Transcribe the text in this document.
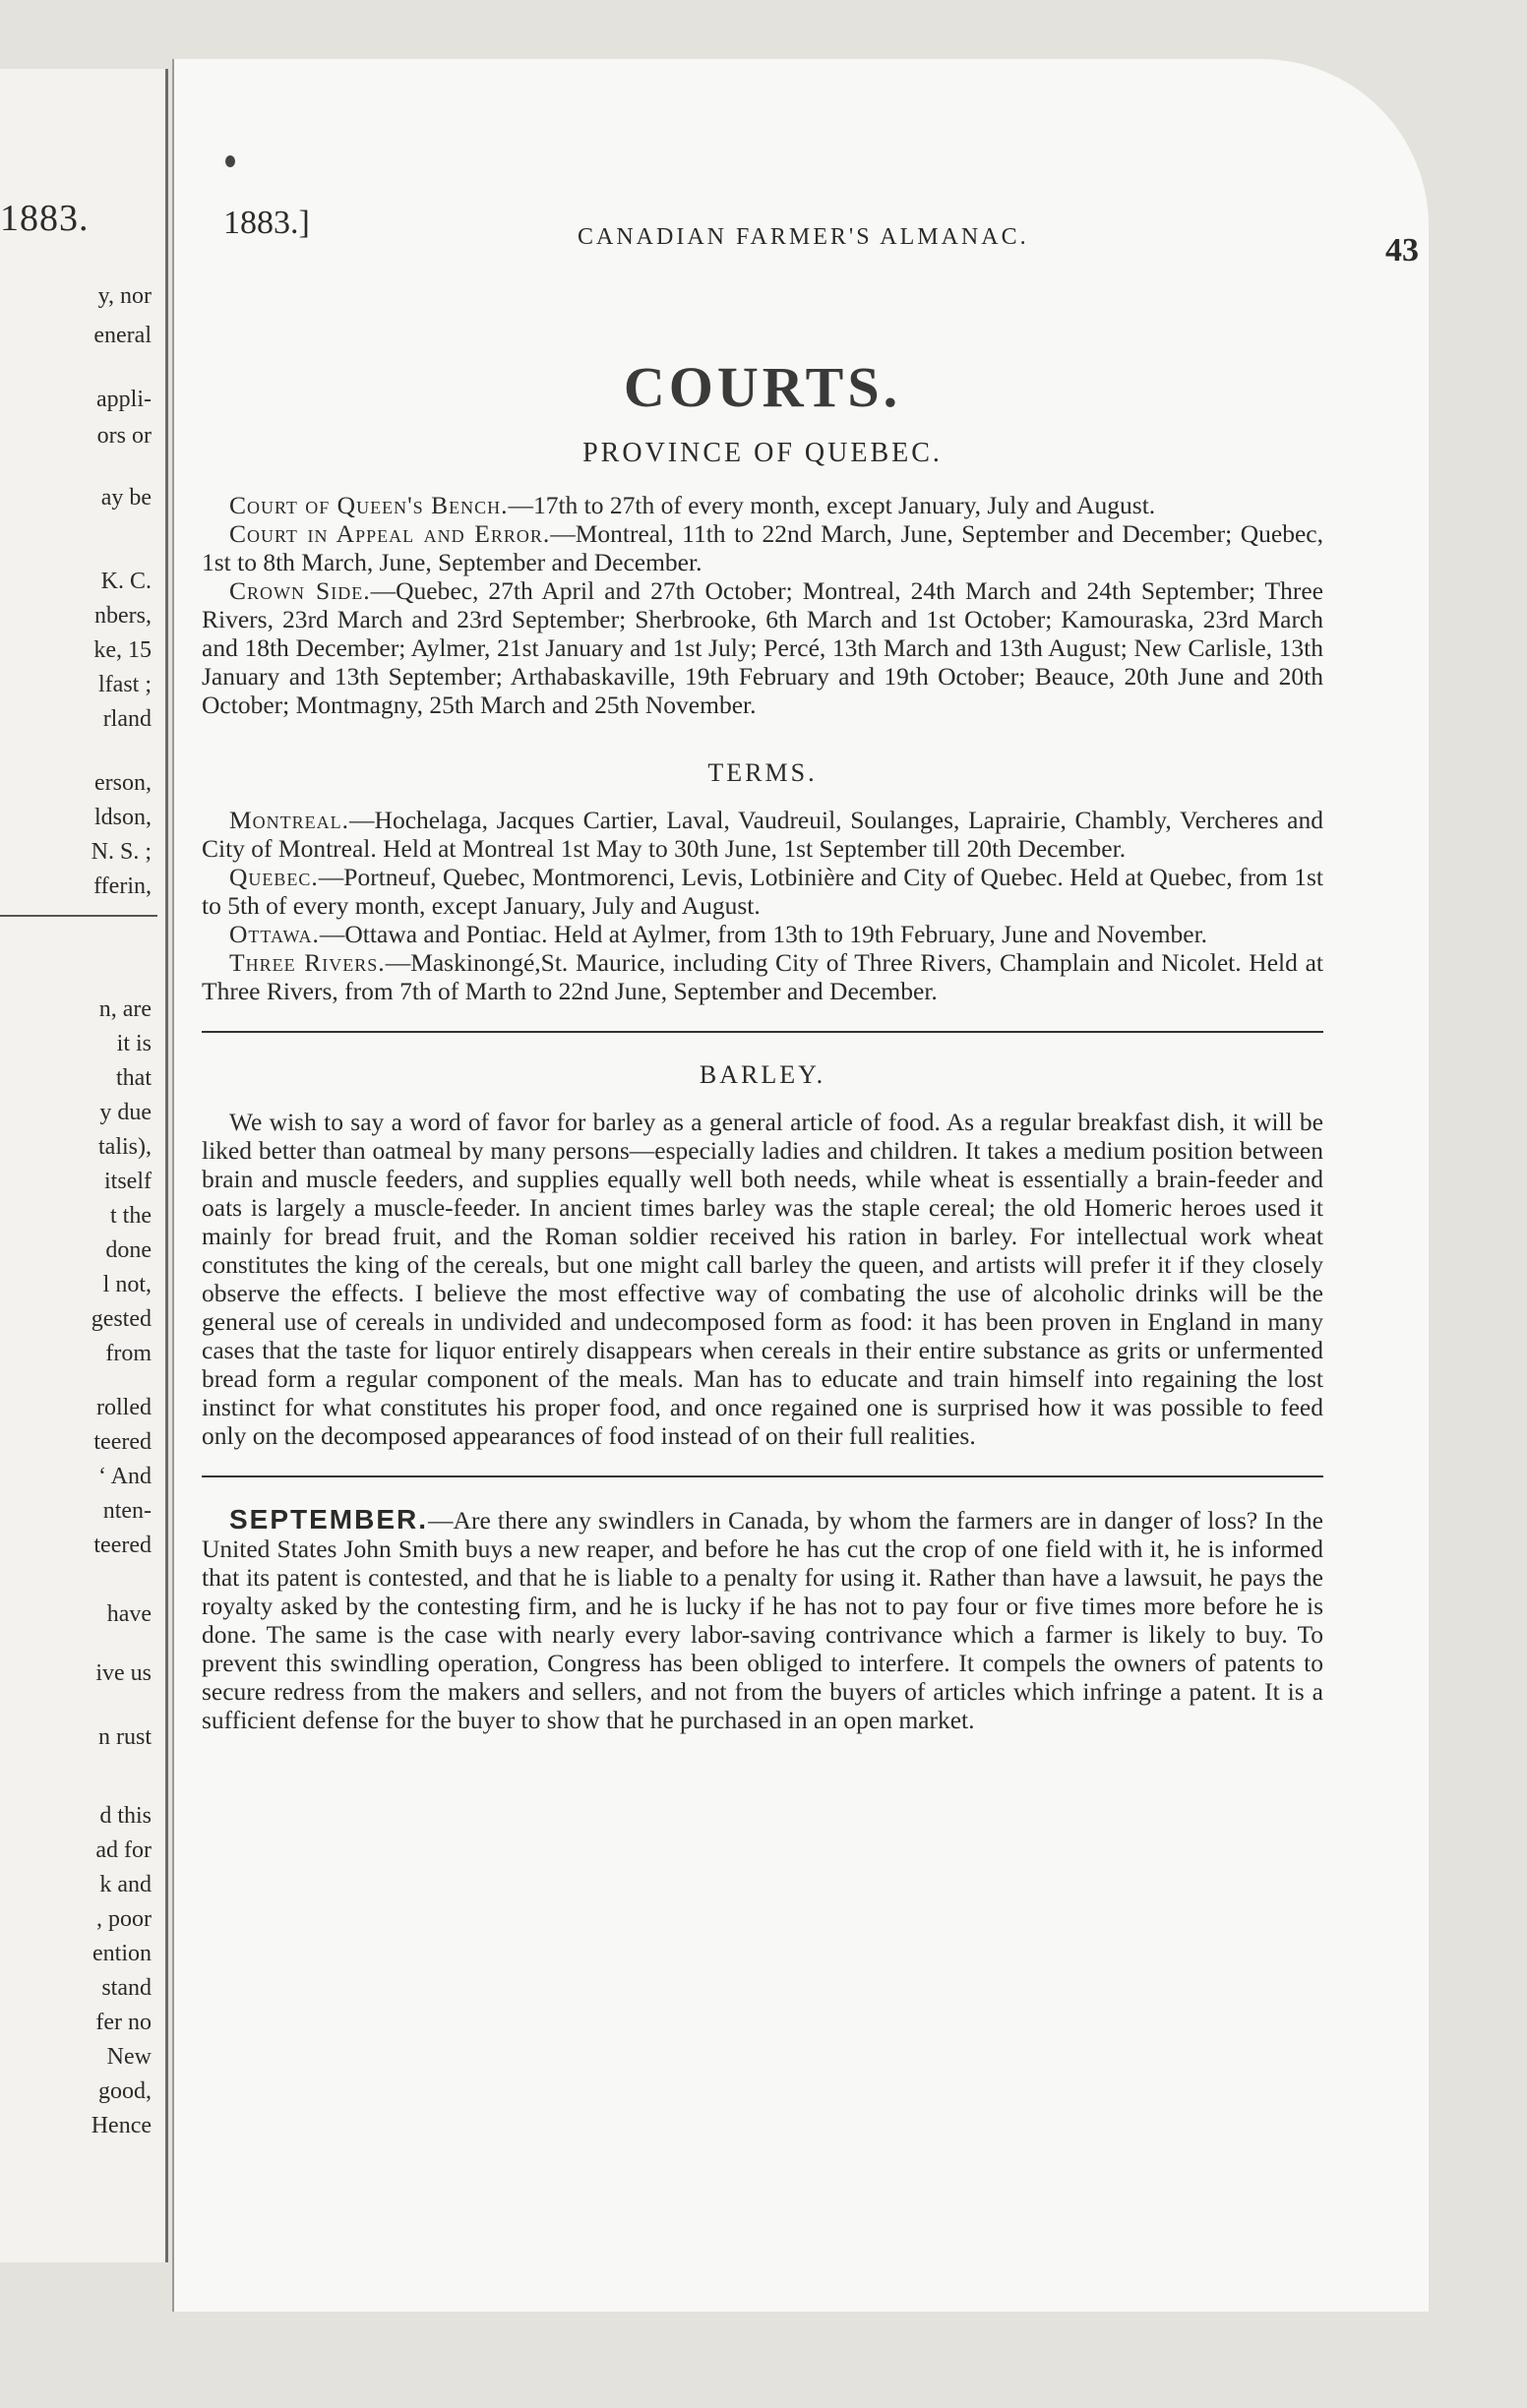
1883.
y, nor
eneral
appli-
ors or
ay be
K. C.
nbers,
ke, 15
lfast ;
rland
erson,
ldson,
N. S. ;
fferin,
n, are
it is
that
y due
talis),
itself
t the
done
l not,
gested
from
rolled
teered
‘ And
nten-
teered
have
ive us
n rust
d this
ad for
k and
, poor
ention
stand
fer no
New
good,
Hence
1883.]	CANADIAN FARMER'S ALMANAC.	43
COURTS.
PROVINCE OF QUEBEC.

Court of Queen's Bench.—17th to 27th of every month, except January, July and August.

Court in Appeal and Error.—Montreal, 11th to 22nd March, June, September and December; Quebec, 1st to 8th March, June, September and December.

Crown Side.—Quebec, 27th April and 27th October; Montreal, 24th March and 24th September; Three Rivers, 23rd March and 23rd September; Sherbrooke, 6th March and 1st October; Kamouraska, 23rd March and 18th December; Aylmer, 21st January and 1st July; Percé, 13th March and 13th August; New Carlisle, 13th January and 13th September; Arthabaskaville, 19th February and 19th October; Beauce, 20th June and 20th October; Montmagny, 25th March and 25th November.

TERMS.

Montreal.—Hochelaga, Jacques Cartier, Laval, Vaudreuil, Soulanges, Laprairie, Chambly, Vercheres and City of Montreal. Held at Montreal 1st May to 30th June, 1st September till 20th December.

Quebec.—Portneuf, Quebec, Montmorenci, Levis, Lotbinière and City of Quebec. Held at Quebec, from 1st to 5th of every month, except January, July and August.

Ottawa.—Ottawa and Pontiac. Held at Aylmer, from 13th to 19th February, June and November.

Three Rivers.—Maskinongé,St. Maurice, including City of Three Rivers, Champlain and Nicolet. Held at Three Rivers, from 7th of Marth to 22nd June, September and December.

BARLEY.

We wish to say a word of favor for barley as a general article of food. As a regular breakfast dish, it will be liked better than oatmeal by many persons—especially ladies and children. It takes a medium position between brain and muscle feeders, and supplies equally well both needs, while wheat is essentially a brain-feeder and oats is largely a muscle-feeder. In ancient times barley was the staple cereal; the old Homeric heroes used it mainly for bread fruit, and the Roman soldier received his ration in barley. For intellectual work wheat constitutes the king of the cereals, but one might call barley the queen, and artists will prefer it if they closely observe the effects. I believe the most effective way of combating the use of alcoholic drinks will be the general use of cereals in undivided and undecomposed form as food: it has been proven in England in many cases that the taste for liquor entirely disappears when cereals in their entire substance as grits or unfermented bread form a regular component of the meals. Man has to educate and train himself into regaining the lost instinct for what constitutes his proper food, and once regained one is surprised how it was possible to feed only on the decomposed appearances of food instead of on their full realities.

SEPTEMBER.—Are there any swindlers in Canada, by whom the farmers are in danger of loss? In the United States John Smith buys a new reaper, and before he has cut the crop of one field with it, he is informed that its patent is contested, and that he is liable to a penalty for using it. Rather than have a lawsuit, he pays the royalty asked by the contesting firm, and he is lucky if he has not to pay four or five times more before he is done. The same is the case with nearly every labor-saving contrivance which a farmer is likely to buy. To prevent this swindling operation, Congress has been obliged to interfere. It compels the owners of patents to secure redress from the makers and sellers, and not from the buyers of articles which infringe a patent. It is a sufficient defense for the buyer to show that he purchased in an open market.
